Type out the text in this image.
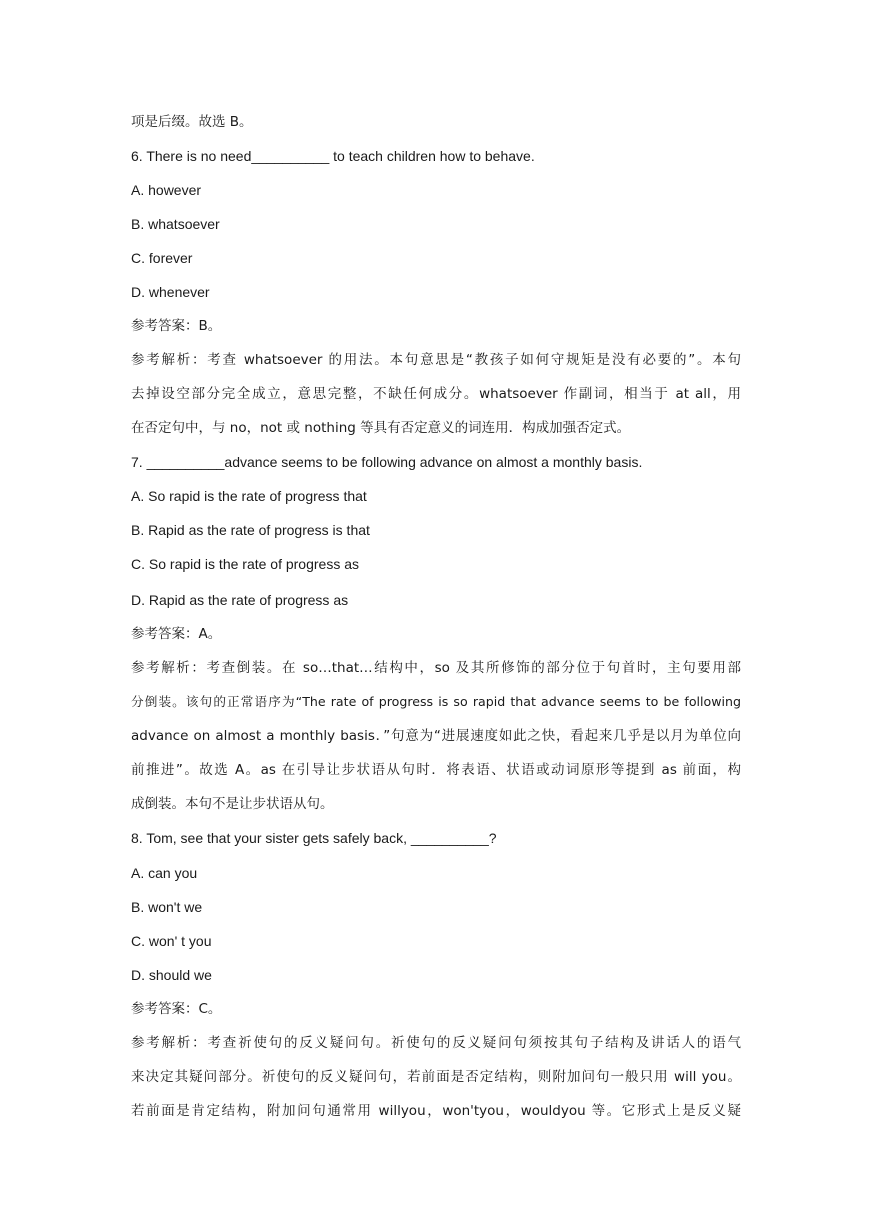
项是后缀。故选 B。
6. There is no need__________ to teach children how to behave.
A. however
B. whatsoever
C. forever
D. whenever
参考答案：B。
参考解析：考查 whatsoever 的用法。本句意思是“教孩子如何守规矩是没有必要的”。本句
去掉设空部分完全成立，意思完整，不缺任何成分。whatsoever 作副词，相当于 at all，用
在否定句中，与 no，not 或 nothing 等具有否定意义的词连用．构成加强否定式。
7. __________advance seems to be following advance on almost a monthly basis.
A. So rapid is the rate of progress that
B. Rapid as the rate of progress is that
C. So rapid is the rate of progress as
D. Rapid as the rate of progress as
参考答案：A。
参考解析：考查倒装。在 so…that…结构中，so 及其所修饰的部分位于句首时，主句要用部
分倒装。该句的正常语序为“The rate of progress is so rapid that advance seems to be following
advance on almost a monthly basis．”句意为“进展速度如此之快，看起来几乎是以月为单位向
前推进”。故选 A。as 在引导让步状语从句时．将表语、状语或动词原形等提到 as 前面，构
成倒装。本句不是让步状语从句。
8. Tom, see that your sister gets safely back, __________?
A. can you
B. won't we
C. won' t you
D. should we
参考答案：C。
参考解析：考查祈使句的反义疑问句。祈使句的反义疑问句须按其句子结构及讲话人的语气
来决定其疑问部分。祈使句的反义疑问句，若前面是否定结构，则附加问句一般只用 will you。
若前面是肯定结构，附加问句通常用 willyou，won'tyou，wouldyou 等。它形式上是反义疑
